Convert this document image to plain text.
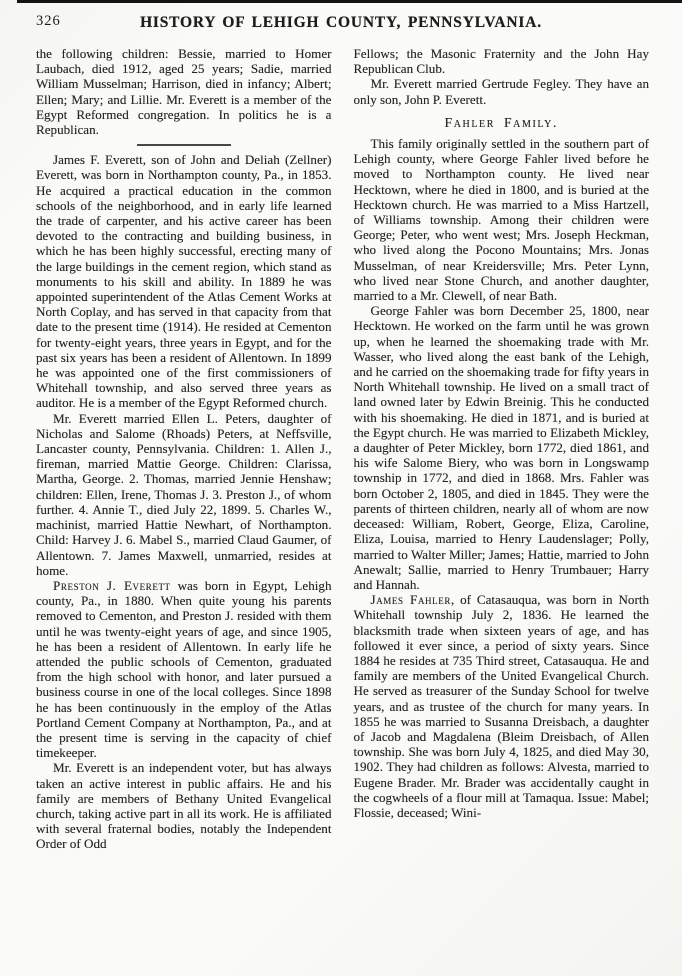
326	HISTORY OF LEHIGH COUNTY, PENNSYLVANIA.

the following children: Bessie, married to Homer Laubach, died 1912, aged 25 years; Sadie, married William Musselman; Harrison, died in infancy; Albert; Ellen; Mary; and Lillie. Mr. Everett is a member of the Egypt Reformed congregation. In politics he is a Republican.

James F. Everett, son of John and Deliah (Zellner) Everett, was born in Northampton county, Pa., in 1853. He acquired a practical education in the common schools of the neighborhood, and in early life learned the trade of carpenter, and his active career has been devoted to the contracting and building business, in which he has been highly successful, erecting many of the large buildings in the cement region, which stand as monuments to his skill and ability. In 1889 he was appointed superintendent of the Atlas Cement Works at North Coplay, and has served in that capacity from that date to the present time (1914). He resided at Cementon for twenty-eight years, three years in Egypt, and for the past six years has been a resident of Allentown. In 1899 he was appointed one of the first commissioners of Whitehall township, and also served three years as auditor. He is a member of the Egypt Reformed church.

Mr. Everett married Ellen L. Peters, daughter of Nicholas and Salome (Rhoads) Peters, at Neffsville, Lancaster county, Pennsylvania. Children: 1. Allen J., fireman, married Mattie George. Children: Clarissa, Martha, George. 2. Thomas, married Jennie Henshaw; children: Ellen, Irene, Thomas J. 3. Preston J., of whom further. 4. Annie T., died July 22, 1899. 5. Charles W., machinist, married Hattie Newhart, of Northampton. Child: Harvey J. 6. Mabel S., married Claud Gaumer, of Allentown. 7. James Maxwell, unmarried, resides at home.

Preston J. Everett was born in Egypt, Lehigh county, Pa., in 1880. When quite young his parents removed to Cementon, and Preston J. resided with them until he was twenty-eight years of age, and since 1905, he has been a resident of Allentown. In early life he attended the public schools of Cementon, graduated from the high school with honor, and later pursued a business course in one of the local colleges. Since 1898 he has been continuously in the employ of the Atlas Portland Cement Company at Northampton, Pa., and at the present time is serving in the capacity of chief timekeeper.

Mr. Everett is an independent voter, but has always taken an active interest in public affairs. He and his family are members of Bethany United Evangelical church, taking active part in all its work. He is affiliated with several fraternal bodies, notably the Independent Order of Odd

Fellows; the Masonic Fraternity and the John Hay Republican Club.

Mr. Everett married Gertrude Fegley. They have an only son, John P. Everett.

Fahler Family.

This family originally settled in the southern part of Lehigh county, where George Fahler lived before he moved to Northampton county. He lived near Hecktown, where he died in 1800, and is buried at the Hecktown church. He was married to a Miss Hartzell, of Williams township. Among their children were George; Peter, who went west; Mrs. Joseph Heckman, who lived along the Pocono Mountains; Mrs. Jonas Musselman, of near Kreidersville; Mrs. Peter Lynn, who lived near Stone Church, and another daughter, married to a Mr. Clewell, of near Bath.

George Fahler was born December 25, 1800, near Hecktown. He worked on the farm until he was grown up, when he learned the shoemaking trade with Mr. Wasser, who lived along the east bank of the Lehigh, and he carried on the shoemaking trade for fifty years in North Whitehall township. He lived on a small tract of land owned later by Edwin Breinig. This he conducted with his shoemaking. He died in 1871, and is buried at the Egypt church. He was married to Elizabeth Mickley, a daughter of Peter Mickley, born 1772, died 1861, and his wife Salome Biery, who was born in Longswamp township in 1772, and died in 1868. Mrs. Fahler was born October 2, 1805, and died in 1845. They were the parents of thirteen children, nearly all of whom are now deceased: William, Robert, George, Eliza, Caroline, Eliza, Louisa, married to Henry Laudenslager; Polly, married to Walter Miller; James; Hattie, married to John Anewalt; Sallie, married to Henry Trumbauer; Harry and Hannah.

James Fahler, of Catasauqua, was born in North Whitehall township July 2, 1836. He learned the blacksmith trade when sixteen years of age, and has followed it ever since, a period of sixty years. Since 1884 he resides at 735 Third street, Catasauqua. He and family are members of the United Evangelical Church. He served as treasurer of the Sunday School for twelve years, and as trustee of the church for many years. In 1855 he was married to Susanna Dreisbach, a daughter of Jacob and Magdalena (Bleim Dreisbach, of Allen township. She was born July 4, 1825, and died May 30, 1902. They had children as follows: Alvesta, married to Eugene Brader. Mr. Brader was accidentally caught in the cogwheels of a flour mill at Tamaqua. Issue: Mabel; Flossie, deceased; Wini-
